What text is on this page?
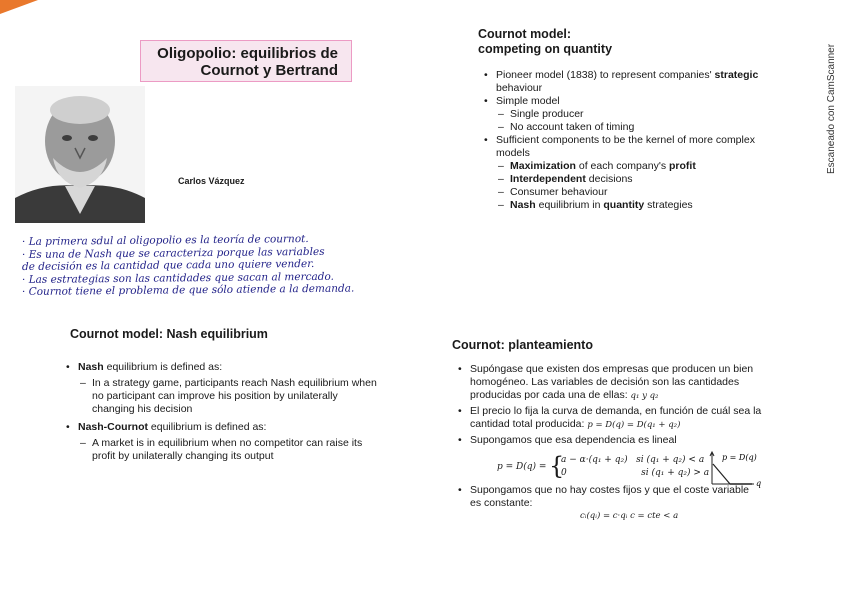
Oligopolio: equilibrios de
Cournot y Bertrand
Carlos Vázquez
Escaneado con CamScanner
· La primera sdul al oligopolio es la teoría de cournot.
· Es una de Nash que se caracteriza porque las variables
de decisión es la cantidad que cada uno quiere vender.
· Las estrategias son las cantidades que sacan al mercado.
· Cournot tiene el problema de que sólo atiende a la demanda.
Cournot model:
competing on quantity
• Pioneer model (1838) to represent companies' strategic behaviour
• Simple model
– Single producer
– No account taken of timing
• Sufficient components to be the kernel of more complex models
– Maximization of each company's profit
– Interdependent decisions
– Consumer behaviour
– Nash equilibrium in quantity strategies
Cournot model: Nash equilibrium
• Nash equilibrium is defined as:
– In a strategy game, participants reach Nash equilibrium when no participant can improve his position by unilaterally changing his decision
• Nash-Cournot equilibrium is defined as:
– A market is in equilibrium when no competitor can raise its profit by unilaterally changing its output
Cournot: planteamiento
• Supóngase que existen dos empresas que producen un bien homogéneo. Las variables de decisión son las cantidades producidas por cada una de ellas: q₁ y q₂
• El precio lo fija la curva de demanda, en función de cuál sea la cantidad total producida: p = D(q) = D(q₁ + q₂)
• Supongamos que esa dependencia es lineal
p = D(q) = {
a − α·(q₁ + q₂)   si (q₁ + q₂) < a
0                          si (q₁ + q₂) > a
p = D(q)
q
• Supongamos que no hay costes fijos y que el coste variable es constante:
cᵢ(qᵢ) = c·qᵢ c = cte < a
